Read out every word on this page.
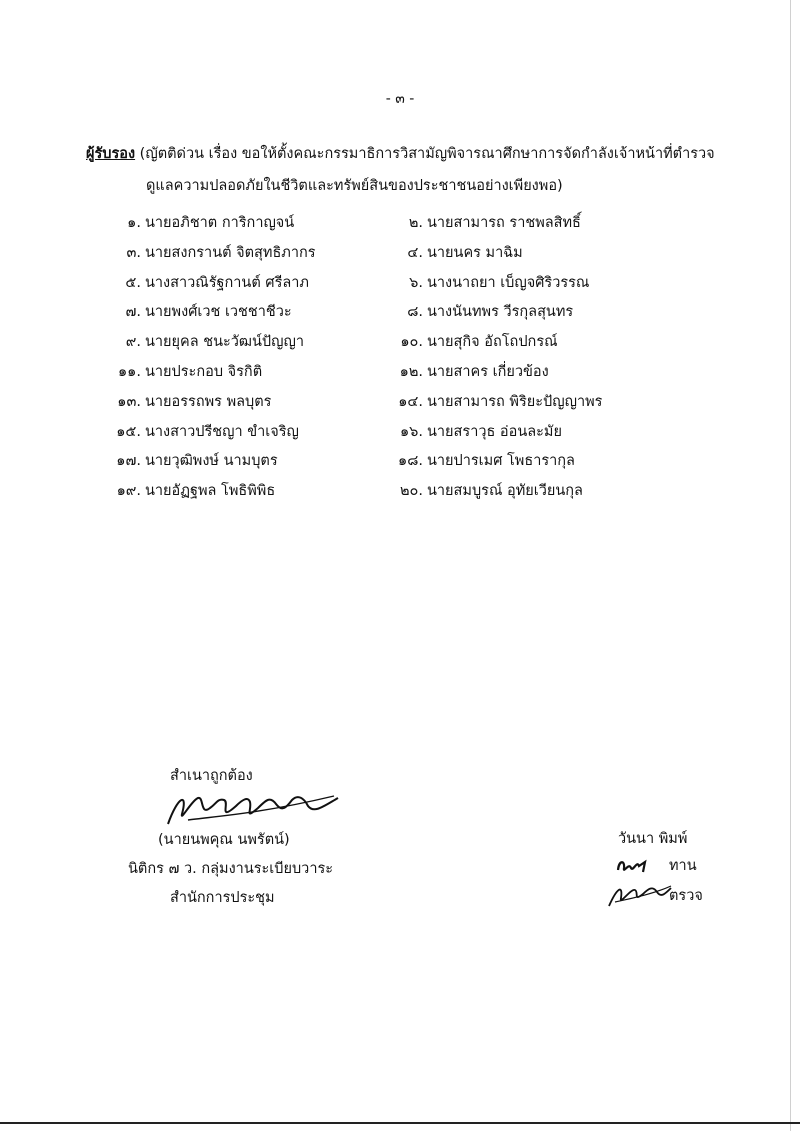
- ๓ -
ผู้รับรอง (ญัตติด่วน เรื่อง ขอให้ตั้งคณะกรรมาธิการวิสามัญพิจารณาศึกษาการจัดกำลังเจ้าหน้าที่ตำรวจ
ดูแลความปลอดภัยในชีวิตและทรัพย์สินของประชาชนอย่างเพียงพอ)
๑. นายอภิชาต การิกาญจน์	๒. นายสามารถ ราชพลสิทธิ์
๓. นายสงกรานต์ จิตสุทธิภากร	๔. นายนคร มาฉิม
๕. นางสาวณิรัฐกานต์ ศรีลาภ	๖. นางนาถยา เบ็ญจศิริวรรณ
๗. นายพงศ์เวช เวชชาชีวะ	๘. นางนันทพร วีรกุลสุนทร
๙. นายยุคล ชนะวัฒน์ปัญญา	๑๐. นายสุกิจ อัถโถปกรณ์
๑๑. นายประกอบ จิรกิติ	๑๒. นายสาคร เกี่ยวข้อง
๑๓. นายอรรถพร พลบุตร	๑๔. นายสามารถ พิริยะปัญญาพร
๑๕. นางสาวปรีชญา ขำเจริญ	๑๖. นายสราวุธ อ่อนละมัย
๑๗. นายวุฒิพงษ์ นามบุตร	๑๘. นายปารเมศ โพธารากุล
๑๙. นายอัฏฐพล โพธิพิพิธ	๒๐. นายสมบูรณ์ อุทัยเวียนกุล
สำเนาถูกต้อง
(นายนพคุณ นพรัตน์)
นิติกร ๗ ว. กลุ่มงานระเบียบวาระ
สำนักการประชุม
วันนา พิมพ์
ทาน
ตรวจ
